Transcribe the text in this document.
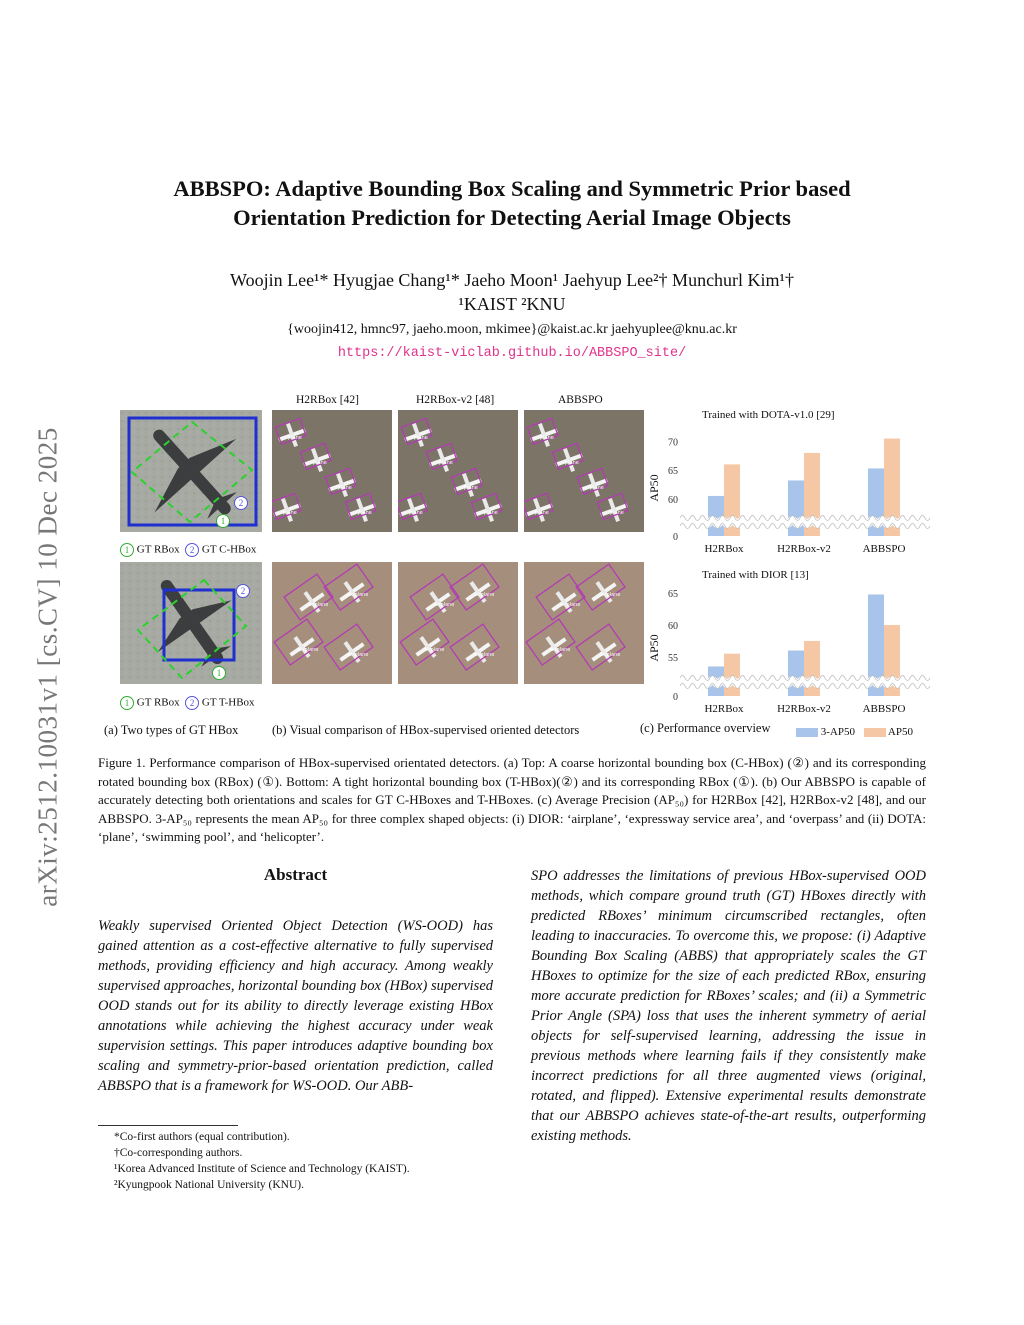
arXiv:2512.10031v1 [cs.CV] 10 Dec 2025
ABBSPO: Adaptive Bounding Box Scaling and Symmetric Prior based
Orientation Prediction for Detecting Aerial Image Objects
Woojin Lee¹* Hyugjae Chang¹* Jaeho Moon¹ Jaehyup Lee²† Munchurl Kim¹†
¹KAIST ²KNU
{woojin412, hmnc97, jaeho.moon, mkimee}@kaist.ac.kr jaehyuplee@knu.ac.kr
https://kaist-viclab.github.io/ABBSPO_site/
H2RBox [42]	H2RBox-v2 [48]	ABBSPO
2
1
1 GT RBox 2 GT C-HBox
2
1
1 GT RBox 2 GT T-HBox
Trained with DOTA-v1.0 [29]
AP50
0
60
65
70
H2RBox	H2RBox-v2	ABBSPO
Trained with DIOR [13]
AP50
0
55
60
65
H2RBox	H2RBox-v2	ABBSPO
(a) Two types of GT HBox	(b) Visual comparison of HBox-supervised oriented detectors	(c) Performance overview	3-AP50	AP50
plane
plane
plane
plane
plane
plane
plane
plane
plane
plane
plane
plane
plane
plane
plane
airplane
airplane
airplane
airplane
airplane
airplane
airplane
airplane
airplane
airplane
airplane
airplane
Figure 1. Performance comparison of HBox-supervised orientated detectors. (a) Top: A coarse horizontal bounding box (C-HBox) (②) and its corresponding rotated bounding box (RBox) (①). Bottom: A tight horizontal bounding box (T-HBox)(②) and its corresponding RBox (①). (b) Our ABBSPO is capable of accurately detecting both orientations and scales for GT C-HBoxes and T-HBoxes. (c) Average Precision (AP₅₀) for H2RBox [42], H2RBox-v2 [48], and our ABBSPO. 3-AP₅₀ represents the mean AP₅₀ for three complex shaped objects: (i) DIOR: ‘airplane’, ‘expressway service area’, and ‘overpass’ and (ii) DOTA: ‘plane’, ‘swimming pool’, and ‘helicopter’.
Abstract
Weakly supervised Oriented Object Detection (WS-OOD) has gained attention as a cost-effective alternative to fully supervised methods, providing efficiency and high accuracy. Among weakly supervised approaches, horizontal bounding box (HBox) supervised OOD stands out for its ability to directly leverage existing HBox annotations while achieving the highest accuracy under weak supervision settings. This paper introduces adaptive bounding box scaling and symmetry-prior-based orientation prediction, called ABBSPO that is a framework for WS-OOD. Our ABB-
SPO addresses the limitations of previous HBox-supervised OOD methods, which compare ground truth (GT) HBoxes directly with predicted RBoxes’ minimum circumscribed rectangles, often leading to inaccuracies. To overcome this, we propose: (i) Adaptive Bounding Box Scaling (ABBS) that appropriately scales the GT HBoxes to optimize for the size of each predicted RBox, ensuring more accurate prediction for RBoxes’ scales; and (ii) a Symmetric Prior Angle (SPA) loss that uses the inherent symmetry of aerial objects for self-supervised learning, addressing the issue in previous methods where learning fails if they consistently make incorrect predictions for all three augmented views (original, rotated, and flipped). Extensive experimental results demonstrate that our ABBSPO achieves state-of-the-art results, outperforming existing methods.
*Co-first authors (equal contribution).
†Co-corresponding authors.
¹Korea Advanced Institute of Science and Technology (KAIST).
²Kyungpook National University (KNU).
